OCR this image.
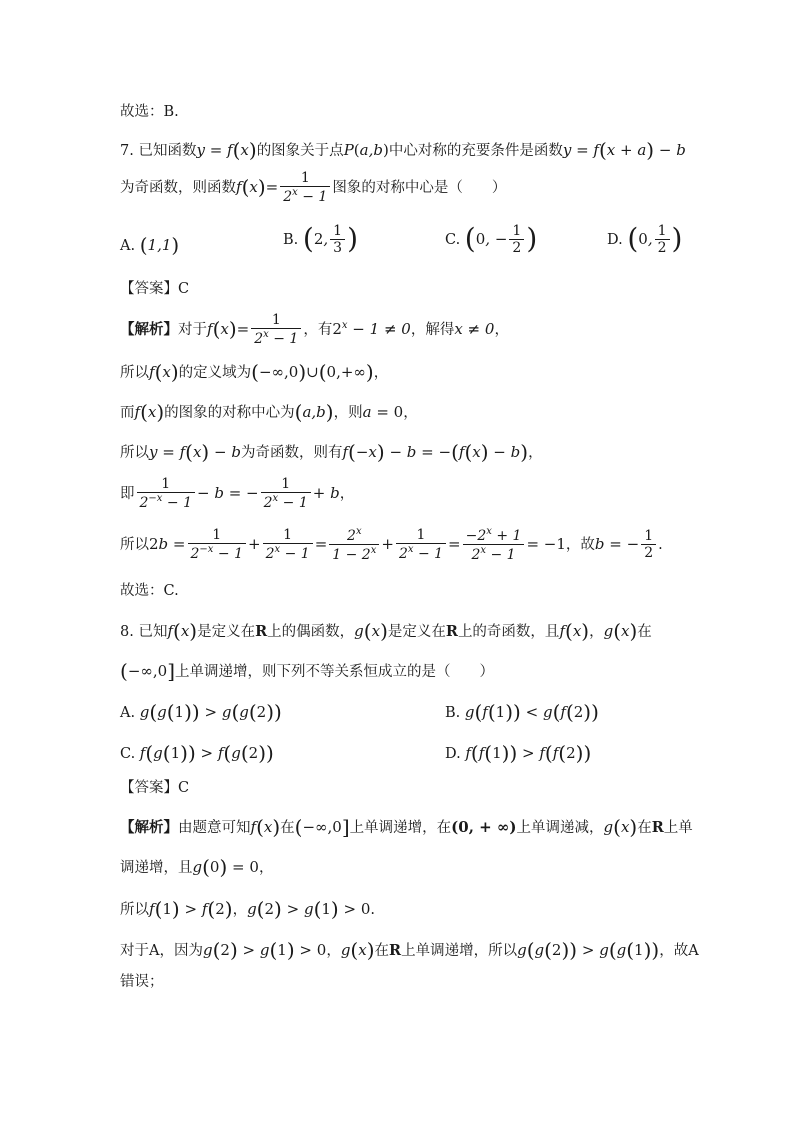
故选：B.
7. 已知函数y = f(x)的图象关于点P(a,b)中心对称的充要条件是函数y = f(x + a) − b
为奇函数，则函数$f(x)= \frac{1}{2^x - 1}$ 图象的对称中心是（　　）
A. (1,1)	B. (2, $\frac{1}{3}$ )	C. (0, − $\frac{1}{2}$ )	D. (0, $\frac{1}{2}$ )
【答案】C
【解析】对于$f(x)= \frac{1}{2^x - 1}$ ，有$2^x - 1 \ne 0$，解得x ≠ 0，
所以f(x)的定义域为(−∞,0)∪(0,+∞)，
而f(x)的图象的对称中心为(a,b)，则a = 0，
所以y = f(x) − b为奇函数，则有f(−x) − b = −(f(x) − b)，
即 $\frac{1}{2^{-x} - 1} - b$ = − $\frac{1}{2^x - 1} + b$，
所以$2b = \frac{1}{2^{-x} - 1} + \frac{1}{2^x - 1} = \frac{2^x}{1 - 2^x} + \frac{1}{2^x - 1} = \frac{-2^x + 1}{2^x - 1} = -1$，故b = − $\frac{1}{2}$ .
故选：C.
8. 已知f(x)是定义在R上的偶函数，g(x)是定义在R上的奇函数，且f(x)，g(x)在
(−∞,0]上单调递增，则下列不等关系恒成立的是（　　）
A. g(g(1)) > g(g(2))	B. g(f(1)) < g(f(2))
C. f(g(1)) > f(g(2))	D. f(f(1)) > f(f(2))
【答案】C
【解析】由题意可知f(x)在(−∞,0]上单调递增，在(0, + ∞)上单调递减，g(x)在R上单
调递增，且g(0) = 0，
所以f(1) > f(2)，g(2) > g(1) > 0.
对于A，因为g(2) > g(1) > 0，g(x)在R上单调递增，所以g(g(2)) > g(g(1))，故A
错误；
